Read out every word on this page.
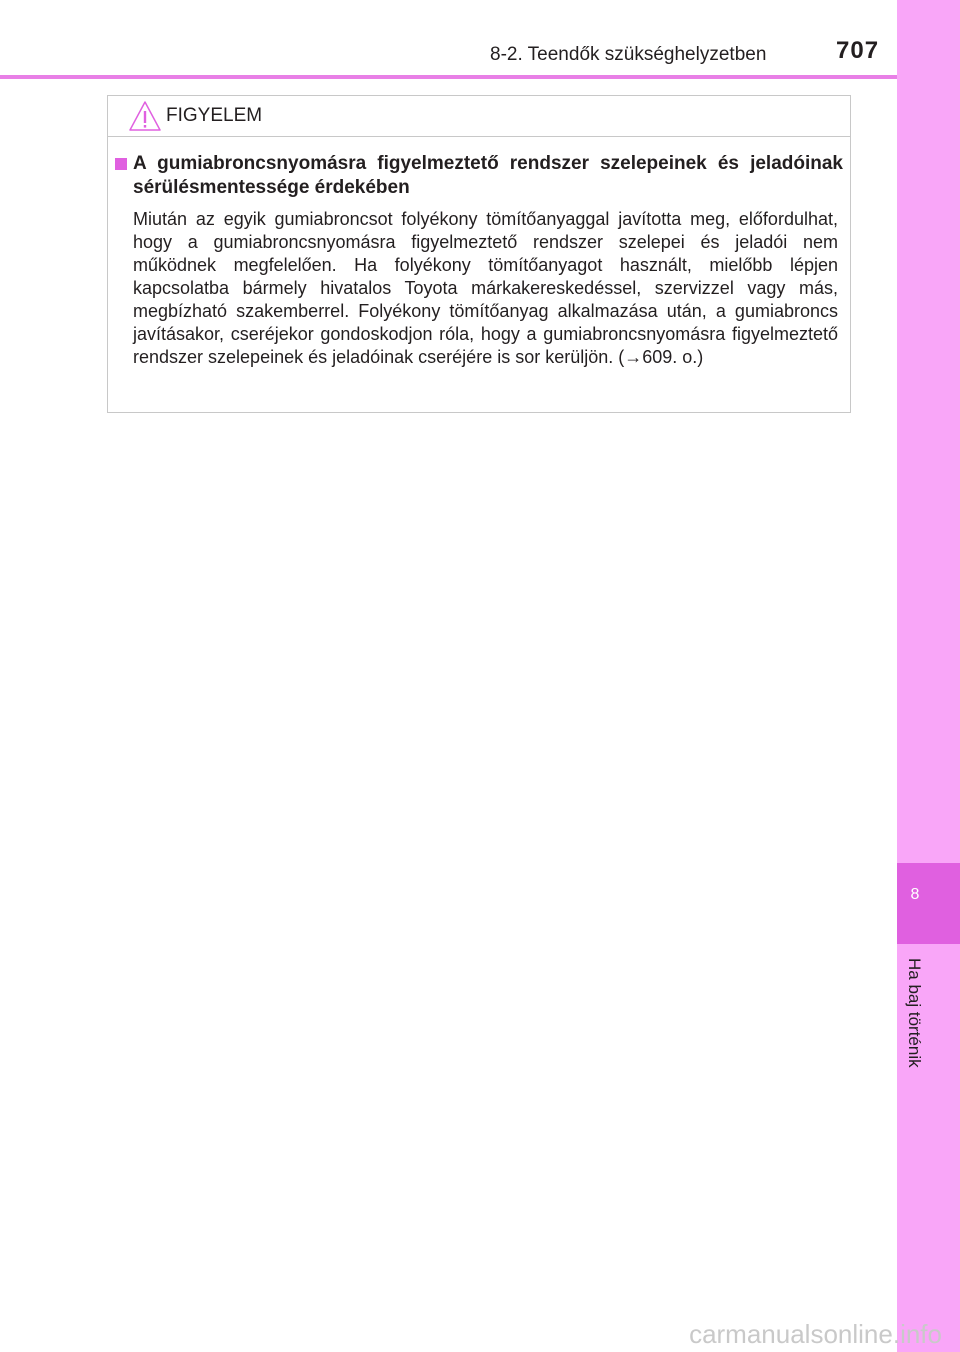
8-2. Teendők szükséghelyzetben	707
8
Ha baj történik
FIGYELEM
A gumiabroncsnyomásra figyelmeztető rendszer szelepeinek és jeladóinak sérülésmentessége érdekében
Miután az egyik gumiabroncsot folyékony tömítőanyaggal javította meg, előfordulhat, hogy a gumiabroncsnyomásra figyelmeztető rendszer szelepei és jeladói nem működnek megfelelően. Ha folyékony tömítőanyagot használt, mielőbb lépjen kapcsolatba bármely hivatalos Toyota márkakereskedéssel, szervizzel vagy más, megbízható szakemberrel. Folyékony tömítőanyag alkalmazása után, a gumiabroncs javításakor, cseréjekor gondoskodjon róla, hogy a gumiabroncsnyomásra figyelmeztető rendszer szelepeinek és jeladóinak cseréjére is sor kerüljön. (→609. o.)
carmanualsonline.info
